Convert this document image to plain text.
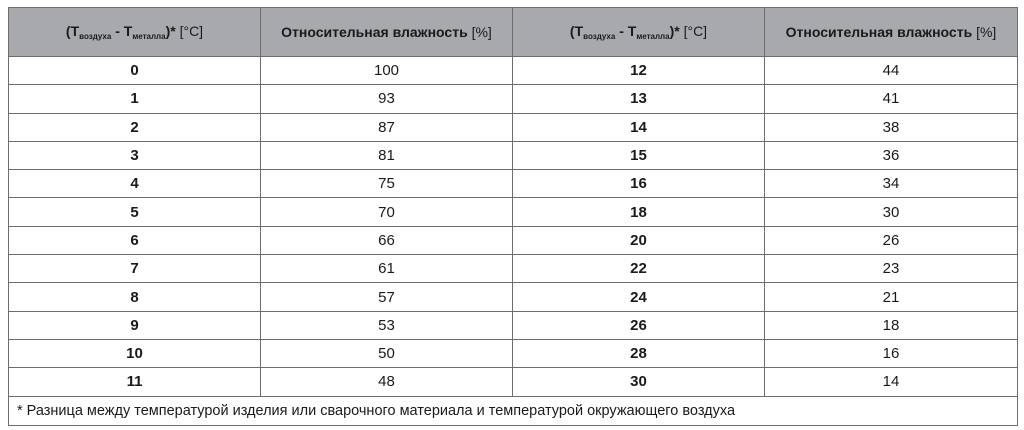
$(T_{воздуха} - T_{металла})*$ [°C]	Относительная влажность [%]	$(T_{воздуха} - T_{металла})*$ [°C]	Относительная влажность [%]
0	100	12	44
1	93	13	41
2	87	14	38
3	81	15	36
4	75	16	34
5	70	18	30
6	66	20	26
7	61	22	23
8	57	24	21
9	53	26	18
10	50	28	16
11	48	30	14
* Разница между температурой изделия или сварочного материала и температурой окружающего воздуха			
